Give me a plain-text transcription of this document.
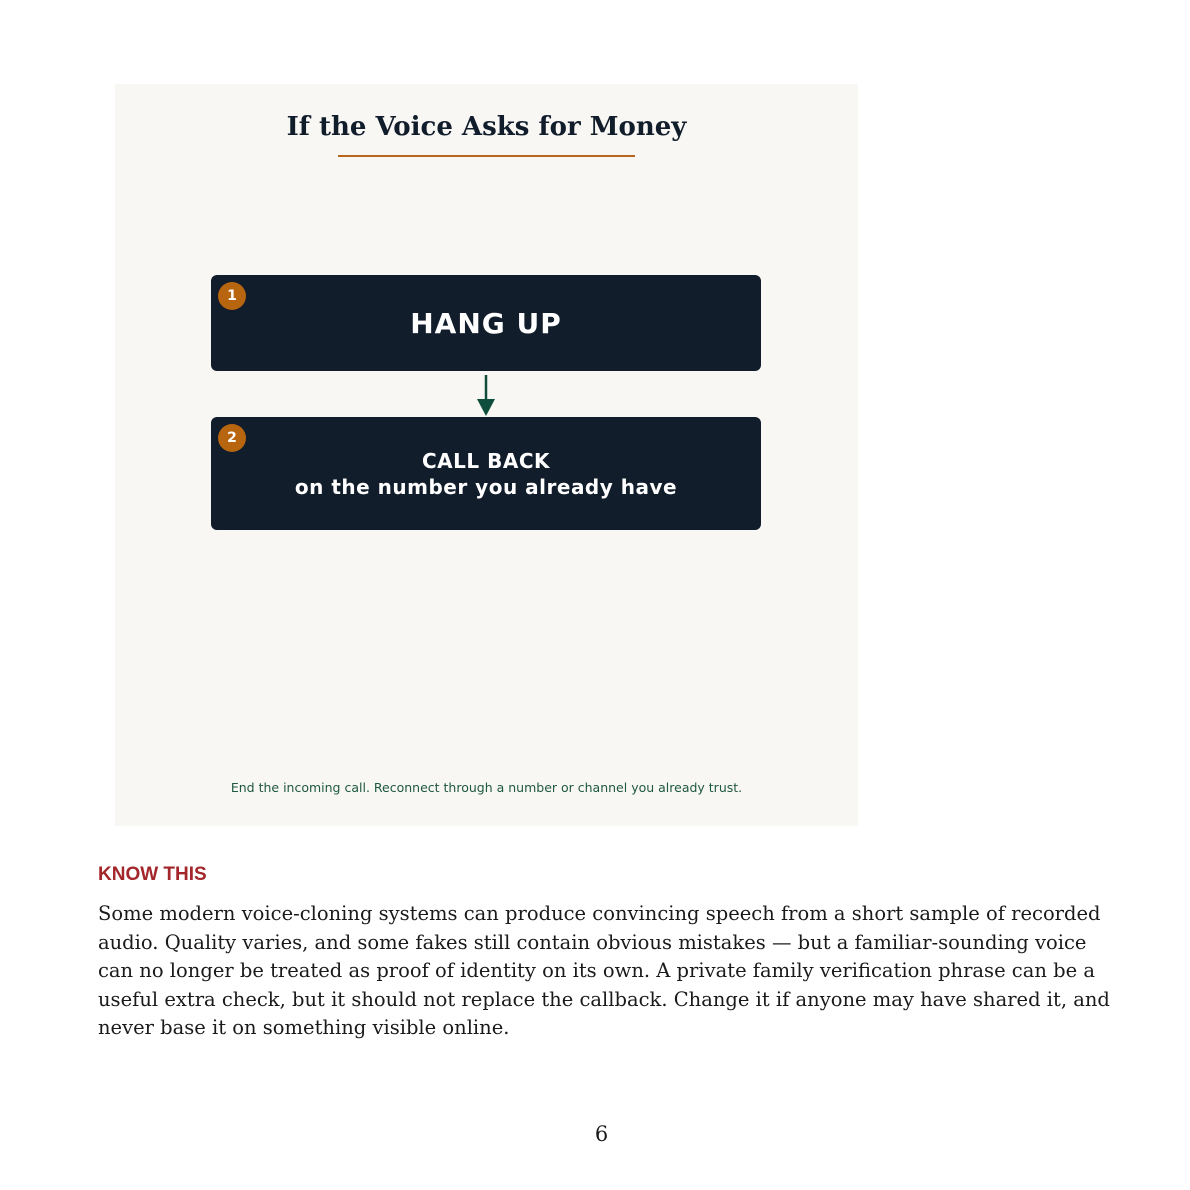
If the Voice Asks for Money
1
HANG UP
2
CALL BACK
on the number you already have
End the incoming call. Reconnect through a number or channel you already trust.
KNOW THIS

Some modern voice-cloning systems can produce convincing speech from a short sample of recorded audio. Quality varies, and some fakes still contain obvious mistakes — but a familiar-sounding voice can no longer be treated as proof of identity on its own. A private family verification phrase can be a useful extra check, but it should not replace the callback. Change it if anyone may have shared it, and never base it on something visible online.

6
